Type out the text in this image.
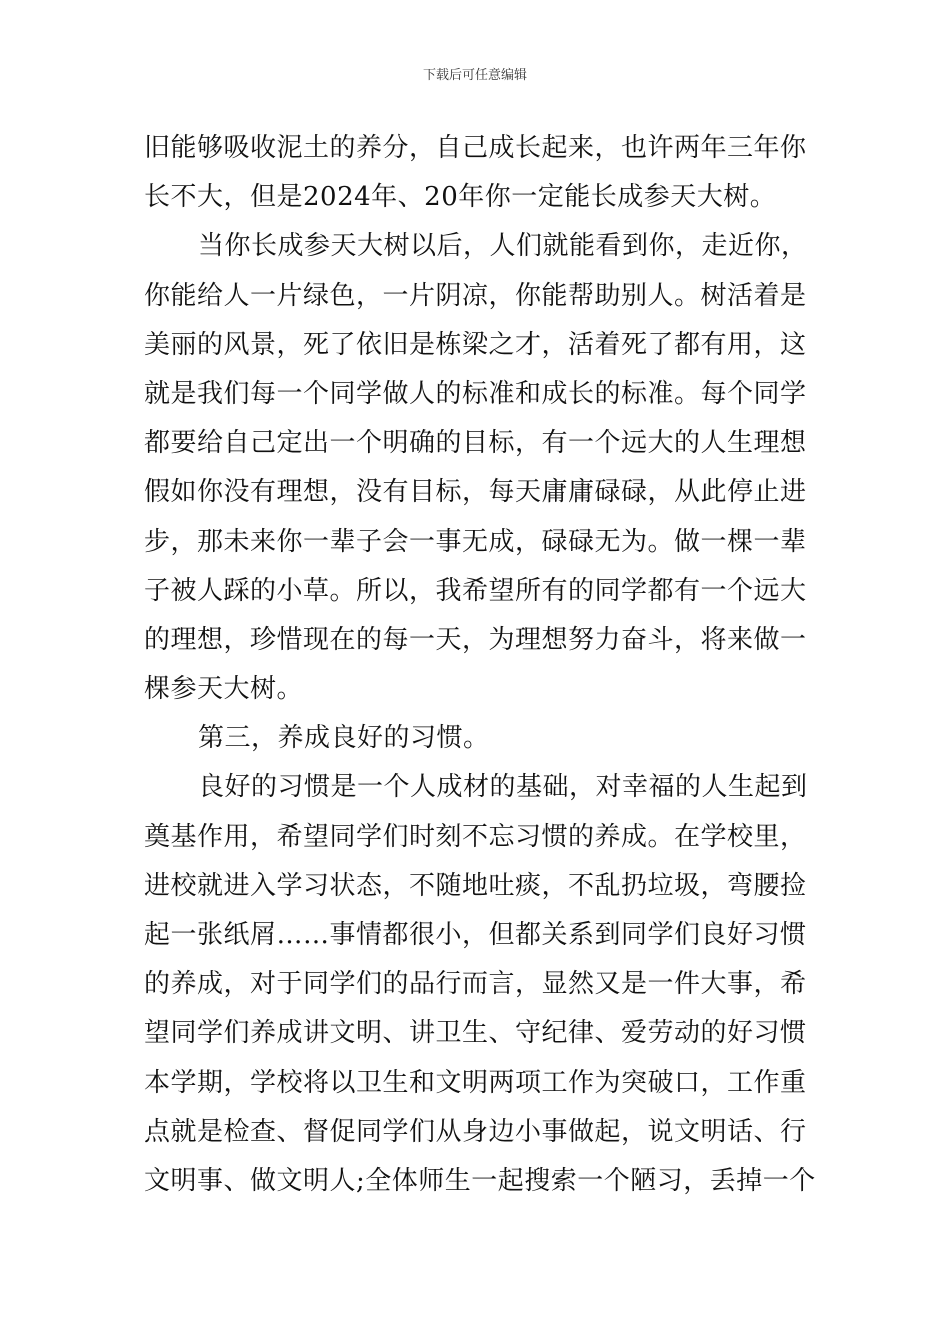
下载后可任意编辑
旧能够吸收泥土的养分，自己成长起来，也许两年三年你
长不大，但是2024年、20年你一定能长成参天大树。
当你长成参天大树以后，人们就能看到你，走近你，
你能给人一片绿色，一片阴凉，你能帮助别人。树活着是
美丽的风景，死了依旧是栋梁之才，活着死了都有用，这
就是我们每一个同学做人的标准和成长的标准。每个同学
都要给自己定出一个明确的目标，有一个远大的人生理想
假如你没有理想，没有目标，每天庸庸碌碌，从此停止进
步，那未来你一辈子会一事无成，碌碌无为。做一棵一辈
子被人踩的小草。所以，我希望所有的同学都有一个远大
的理想，珍惜现在的每一天，为理想努力奋斗，将来做一
棵参天大树。
第三，养成良好的习惯。
良好的习惯是一个人成材的基础，对幸福的人生起到
奠基作用，希望同学们时刻不忘习惯的养成。在学校里，
进校就进入学习状态，不随地吐痰，不乱扔垃圾，弯腰捡
起一张纸屑……事情都很小，但都关系到同学们良好习惯
的养成，对于同学们的品行而言，显然又是一件大事，希
望同学们养成讲文明、讲卫生、守纪律、爱劳动的好习惯
本学期，学校将以卫生和文明两项工作为突破口，工作重
点就是检查、督促同学们从身边小事做起，说文明话、行
文明事、做文明人;全体师生一起搜索一个陋习，丢掉一个
